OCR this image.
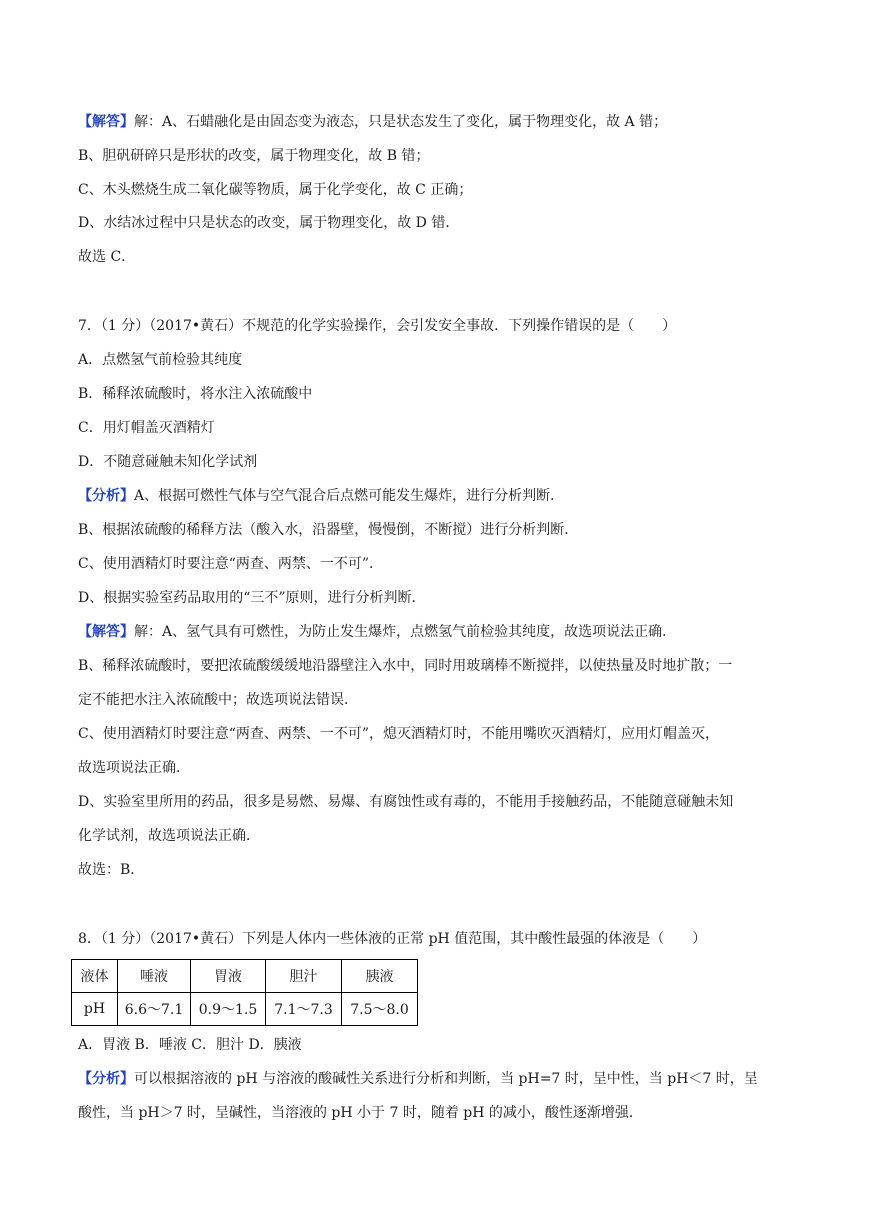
【解答】解：A、石蜡融化是由固态变为液态，只是状态发生了变化，属于物理变化，故 A 错；
B、胆矾研碎只是形状的改变，属于物理变化，故 B 错；
C、木头燃烧生成二氧化碳等物质，属于化学变化，故 C 正确；
D、水结冰过程中只是状态的改变，属于物理变化，故 D 错．
故选 C．
7．（1 分）（2017•黄石）不规范的化学实验操作，会引发安全事故．下列操作错误的是（　　）
A．点燃氢气前检验其纯度
B．稀释浓硫酸时，将水注入浓硫酸中
C．用灯帽盖灭酒精灯
D．不随意碰触未知化学试剂
【分析】A、根据可燃性气体与空气混合后点燃可能发生爆炸，进行分析判断．
B、根据浓硫酸的稀释方法（酸入水，沿器壁，慢慢倒，不断搅）进行分析判断．
C、使用酒精灯时要注意“两查、两禁、一不可”．
D、根据实验室药品取用的“三不”原则，进行分析判断．
【解答】解：A、氢气具有可燃性，为防止发生爆炸，点燃氢气前检验其纯度，故选项说法正确．
B、稀释浓硫酸时，要把浓硫酸缓缓地沿器壁注入水中，同时用玻璃棒不断搅拌，以使热量及时地扩散；一
定不能把水注入浓硫酸中；故选项说法错误．
C、使用酒精灯时要注意“两查、两禁、一不可”，熄灭酒精灯时，不能用嘴吹灭酒精灯，应用灯帽盖灭，
故选项说法正确．
D、实验室里所用的药品，很多是易燃、易爆、有腐蚀性或有毒的，不能用手接触药品，不能随意碰触未知
化学试剂，故选项说法正确．
故选：B．
8．（1 分）（2017•黄石）下列是人体内一些体液的正常 pH 值范围，其中酸性最强的体液是（　　）
液体	唾液	胃液	胆汁	胰液
pH	6.6～7.1	0.9～1.5	7.1～7.3	7.5～8.0
A．胃液 B．唾液 C．胆汁 D．胰液
【分析】可以根据溶液的 pH 与溶液的酸碱性关系进行分析和判断，当 pH=7 时，呈中性，当 pH＜7 时，呈
酸性，当 pH＞7 时，呈碱性，当溶液的 pH 小于 7 时，随着 pH 的减小，酸性逐渐增强．
